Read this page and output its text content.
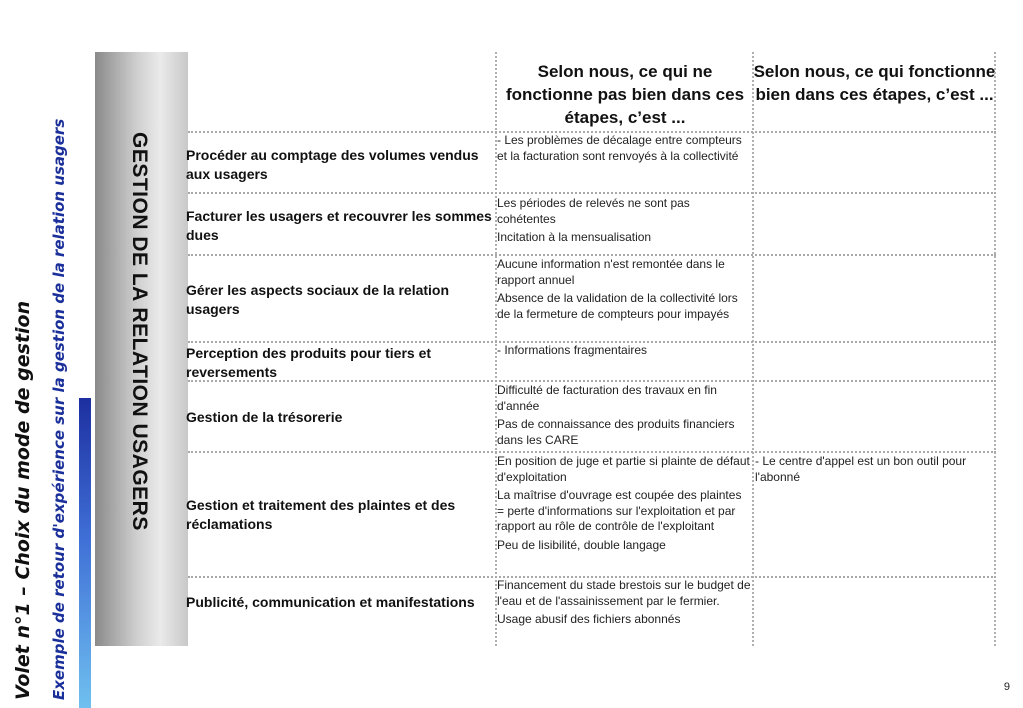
Volet n°1 – Choix du mode de gestion Exemple de retour d'expérience sur la gestion de la relation usagers	GESTION DE LA RELATION USAGERS
Selon nous, ce qui ne fonctionne pas bien dans ces étapes, c’est ...
Selon nous, ce qui fonctionne bien dans ces étapes, c’est ...
Procéder au comptage des volumes vendus aux usagers
- Les problèmes de décalage entre compteurs et la facturation sont renvoyés à la collectivité
Facturer les usagers et recouvrer les sommes dues
Les périodes de relevés ne sont pas cohétentes
Incitation à la mensualisation
Gérer les aspects sociaux de la relation usagers
Aucune information n'est remontée dans le rapport annuel
Absence de la validation de la collectivité lors de la fermeture de compteurs pour impayés
Perception des produits pour tiers et reversements
- Informations fragmentaires
Gestion de la trésorerie
Difficulté de facturation des travaux en fin d'année
Pas de connaissance des produits financiers dans les CARE
Gestion et traitement des plaintes et des réclamations
En position de juge et partie si plainte de défaut d'exploitation
La maîtrise d'ouvrage est coupée des plaintes = perte d'informations sur l'exploitation et par rapport au rôle de contrôle de l'exploitant
Peu de lisibilité, double langage
- Le centre d'appel est un bon outil pour l'abonné
Publicité, communication et manifestations
Financement du stade brestois sur le budget de l'eau et de l'assainissement par le fermier.
Usage abusif des fichiers abonnés
9
